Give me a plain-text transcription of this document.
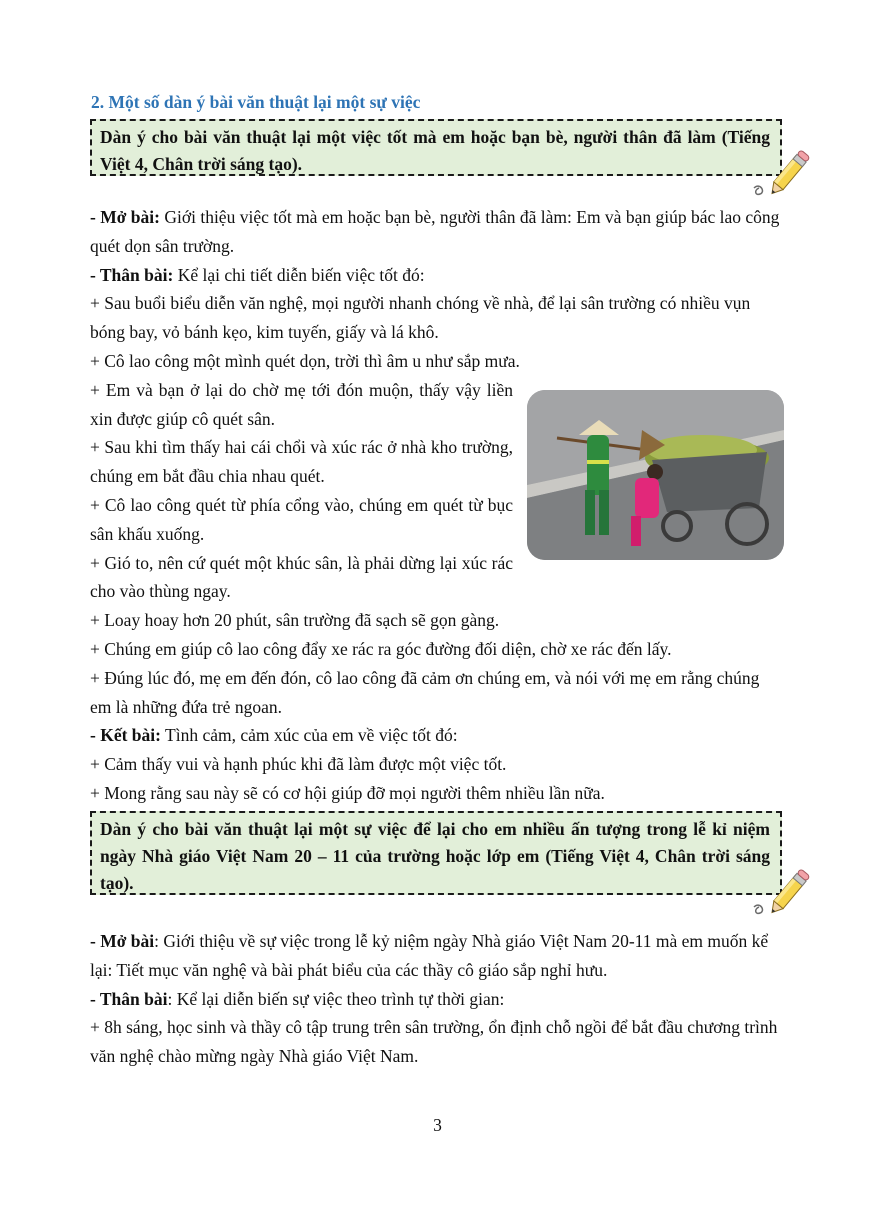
2. Một số dàn ý bài văn thuật lại một sự việc
Dàn ý cho bài văn thuật lại một việc tốt mà em hoặc bạn bè, người thân đã làm (Tiếng Việt 4, Chân trời sáng tạo).

- Mở bài: Giới thiệu việc tốt mà em hoặc bạn bè, người thân đã làm: Em và bạn giúp bác lao công quét dọn sân trường.

- Thân bài: Kể lại chi tiết diễn biến việc tốt đó:

+ Sau buổi biểu diễn văn nghệ, mọi người nhanh chóng về nhà, để lại sân trường có nhiều vụn bóng bay, vỏ bánh kẹo, kim tuyến, giấy và lá khô.

+ Cô lao công một mình quét dọn, trời thì âm u như sắp mưa.

+ Em và bạn ở lại do chờ mẹ tới đón muộn, thấy vậy liền xin được giúp cô quét sân.

+ Sau khi tìm thấy hai cái chổi và xúc rác ở nhà kho trường, chúng em bắt đầu chia nhau quét.

+ Cô lao công quét từ phía cổng vào, chúng em quét từ bục sân khấu xuống.

+ Gió to, nên cứ quét một khúc sân, là phải dừng lại xúc rác cho vào thùng ngay.

+ Loay hoay hơn 20 phút, sân trường đã sạch sẽ gọn gàng.

+ Chúng em giúp cô lao công đẩy xe rác ra góc đường đối diện, chờ xe rác đến lấy.

+ Đúng lúc đó, mẹ em đến đón, cô lao công đã cảm ơn chúng em, và nói với mẹ em rằng chúng em là những đứa trẻ ngoan.

- Kết bài: Tình cảm, cảm xúc của em về việc tốt đó:

+ Cảm thấy vui và hạnh phúc khi đã làm được một việc tốt.

+ Mong rằng sau này sẽ có cơ hội giúp đỡ mọi người thêm nhiều lần nữa.

Dàn ý cho bài văn thuật lại một sự việc để lại cho em nhiều ấn tượng trong lễ kỉ niệm ngày Nhà giáo Việt Nam 20 – 11 của trường hoặc lớp em (Tiếng Việt 4, Chân trời sáng tạo).

- Mở bài: Giới thiệu về sự việc trong lễ kỷ niệm ngày Nhà giáo Việt Nam 20-11 mà em muốn kể lại: Tiết mục văn nghệ và bài phát biểu của các thầy cô giáo sắp nghỉ hưu.

- Thân bài: Kể lại diễn biến sự việc theo trình tự thời gian:

+ 8h sáng, học sinh và thầy cô tập trung trên sân trường, ổn định chỗ ngồi để bắt đầu chương trình văn nghệ chào mừng ngày Nhà giáo Việt Nam.

3
